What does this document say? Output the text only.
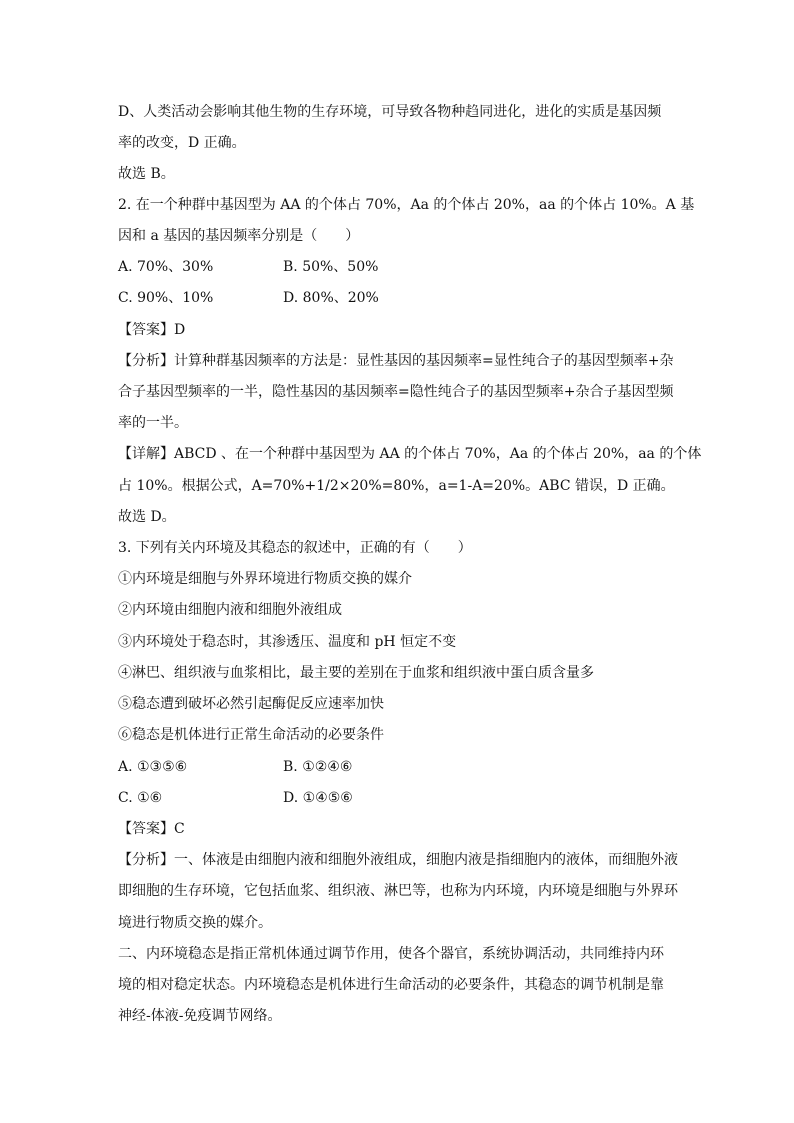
D、人类活动会影响其他生物的生存环境，可导致各物种趋同进化，进化的实质是基因频
率的改变，D 正确。
故选 B。
2. 在一个种群中基因型为 AA 的个体占 70%，Aa 的个体占 20%，aa 的个体占 10%。A 基
因和 a 基因的基因频率分别是（　　）
A. 70%、30%	B. 50%、50%
C. 90%、10%	D. 80%、20%
【答案】D
【分析】计算种群基因频率的方法是：显性基因的基因频率=显性纯合子的基因型频率+杂
合子基因型频率的一半，隐性基因的基因频率=隐性纯合子的基因型频率+杂合子基因型频
率的一半。
【详解】ABCD 、在一个种群中基因型为 AA 的个体占 70%，Aa 的个体占 20%，aa 的个体
占 10%。根据公式，A=70%+1/2×20%=80%，a=1-A=20%。ABC 错误，D 正确。
故选 D。
3. 下列有关内环境及其稳态的叙述中，正确的有（　　）
①内环境是细胞与外界环境进行物质交换的媒介
②内环境由细胞内液和细胞外液组成
③内环境处于稳态时，其渗透压、温度和 pH 恒定不变
④淋巴、组织液与血浆相比，最主要的差别在于血浆和组织液中蛋白质含量多
⑤稳态遭到破坏必然引起酶促反应速率加快
⑥稳态是机体进行正常生命活动的必要条件
A. ①③⑤⑥	B. ①②④⑥
C. ①⑥	D. ①④⑤⑥
【答案】C
【分析】一、体液是由细胞内液和细胞外液组成，细胞内液是指细胞内的液体，而细胞外液
即细胞的生存环境，它包括血浆、组织液、淋巴等，也称为内环境，内环境是细胞与外界环
境进行物质交换的媒介。
二、内环境稳态是指正常机体通过调节作用，使各个器官，系统协调活动，共同维持内环
境的相对稳定状态。内环境稳态是机体进行生命活动的必要条件，其稳态的调节机制是靠
神经-体液-免疫调节网络。
